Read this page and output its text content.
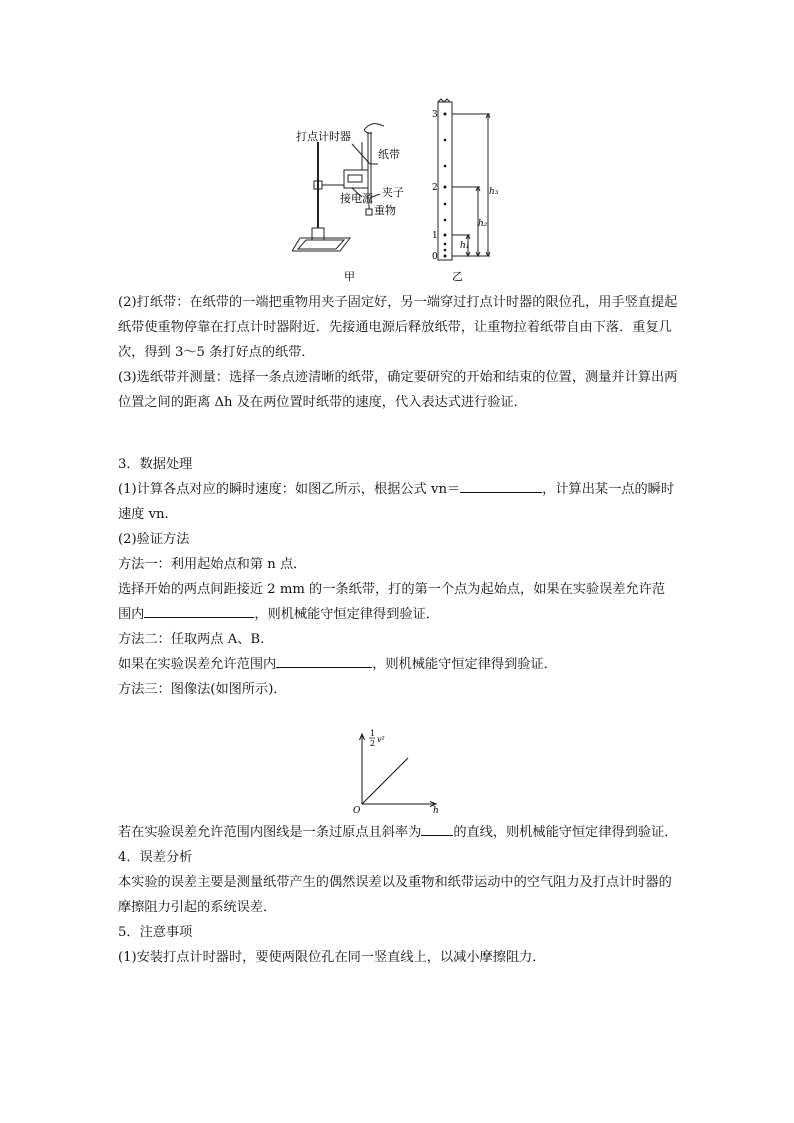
打点计时器
纸带
夹子
接电源
重物
甲
3
2
1
0
h₁
h₂
h₃
乙

(2)打纸带：在纸带的一端把重物用夹子固定好，另一端穿过打点计时器的限位孔，用手竖直提起纸带使重物停靠在打点计时器附近．先接通电源后释放纸带，让重物拉着纸带自由下落．重复几次，得到 3～5 条打好点的纸带．

(3)选纸带并测量：选择一条点迹清晰的纸带，确定要研究的开始和结束的位置，测量并计算出两位置之间的距离 Δh 及在两位置时纸带的速度，代入表达式进行验证．

3．数据处理

(1)计算各点对应的瞬时速度：如图乙所示，根据公式 vn＝	，计算出某一点的瞬时速度 vn.

(2)验证方法

方法一：利用起始点和第 n 点．

选择开始的两点间距接近 2 mm 的一条纸带，打的第一个点为起始点，如果在实验误差允许范围内	，则机械能守恒定律得到验证．

方法二：任取两点 A、B.

如果在实验误差允许范围内	，则机械能守恒定律得到验证．

方法三：图像法(如图所示)．

1
2 v²
h
O

若在实验误差允许范围内图线是一条过原点且斜率为 的直线，则机械能守恒定律得到验证．

4．误差分析

本实验的误差主要是测量纸带产生的偶然误差以及重物和纸带运动中的空气阻力及打点计时器的摩擦阻力引起的系统误差．

5．注意事项

(1)安装打点计时器时，要使两限位孔在同一竖直线上，以减小摩擦阻力．
